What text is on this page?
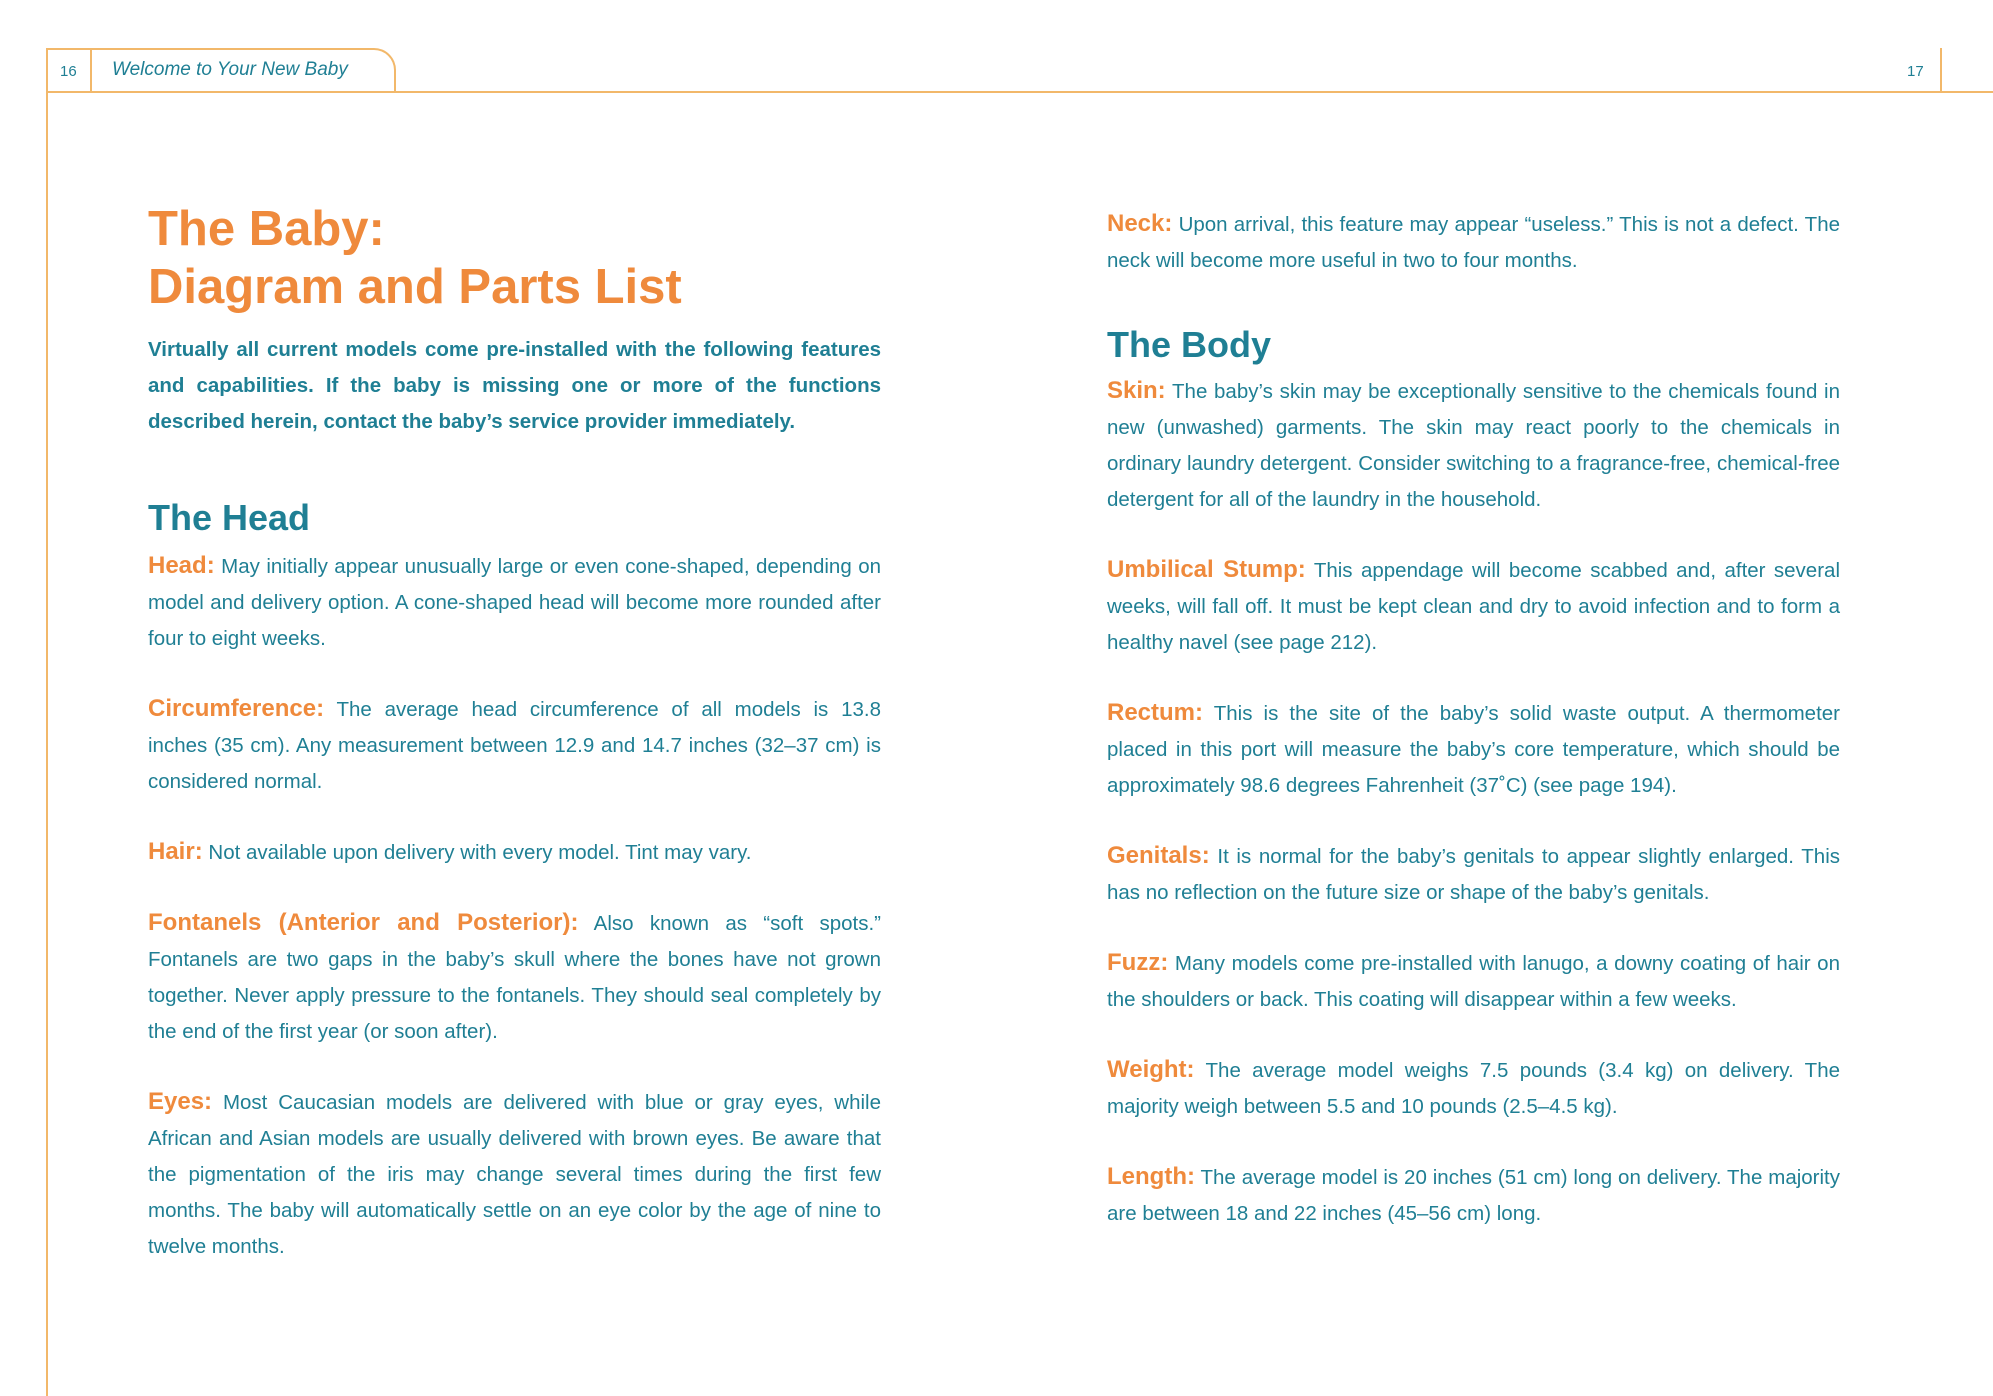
16 Welcome to Your New Baby	17
The Baby:
Diagram and Parts List

Virtually all current models come pre-installed with the following features and capabilities. If the baby is missing one or more of the functions described herein, contact the baby’s service provider immediately.

The Head

Head: May initially appear unusually large or even cone-shaped, depending on model and delivery option. A cone-shaped head will become more rounded after four to eight weeks.

Circumference: The average head circumference of all models is 13.8 inches (35 cm). Any measurement between 12.9 and 14.7 inches (32–37 cm) is considered normal.

Hair: Not available upon delivery with every model. Tint may vary.

Fontanels (Anterior and Posterior): Also known as “soft spots.” Fontanels are two gaps in the baby’s skull where the bones have not grown together. Never apply pressure to the fontanels. They should seal completely by the end of the first year (or soon after).

Eyes: Most Caucasian models are delivered with blue or gray eyes, while African and Asian models are usually delivered with brown eyes. Be aware that the pigmentation of the iris may change several times during the first few months. The baby will automatically settle on an eye color by the age of nine to twelve months.

Neck: Upon arrival, this feature may appear “useless.” This is not a defect. The neck will become more useful in two to four months.

The Body

Skin: The baby’s skin may be exceptionally sensitive to the chemicals found in new (unwashed) garments. The skin may react poorly to the chemicals in ordinary laundry detergent. Consider switching to a fragrance-free, chemical-free detergent for all of the laundry in the household.

Umbilical Stump: This appendage will become scabbed and, after several weeks, will fall off. It must be kept clean and dry to avoid infection and to form a healthy navel (see page 212).

Rectum: This is the site of the baby’s solid waste output. A thermometer placed in this port will measure the baby’s core temperature, which should be approximately 98.6 degrees Fahrenheit (37˚C) (see page 194).

Genitals: It is normal for the baby’s genitals to appear slightly enlarged. This has no reflection on the future size or shape of the baby’s genitals.

Fuzz: Many models come pre-installed with lanugo, a downy coating of hair on the shoulders or back. This coating will disappear within a few weeks.

Weight: The average model weighs 7.5 pounds (3.4 kg) on delivery. The majority weigh between 5.5 and 10 pounds (2.5–4.5 kg).

Length: The average model is 20 inches (51 cm) long on delivery. The majority are between 18 and 22 inches (45–56 cm) long.
